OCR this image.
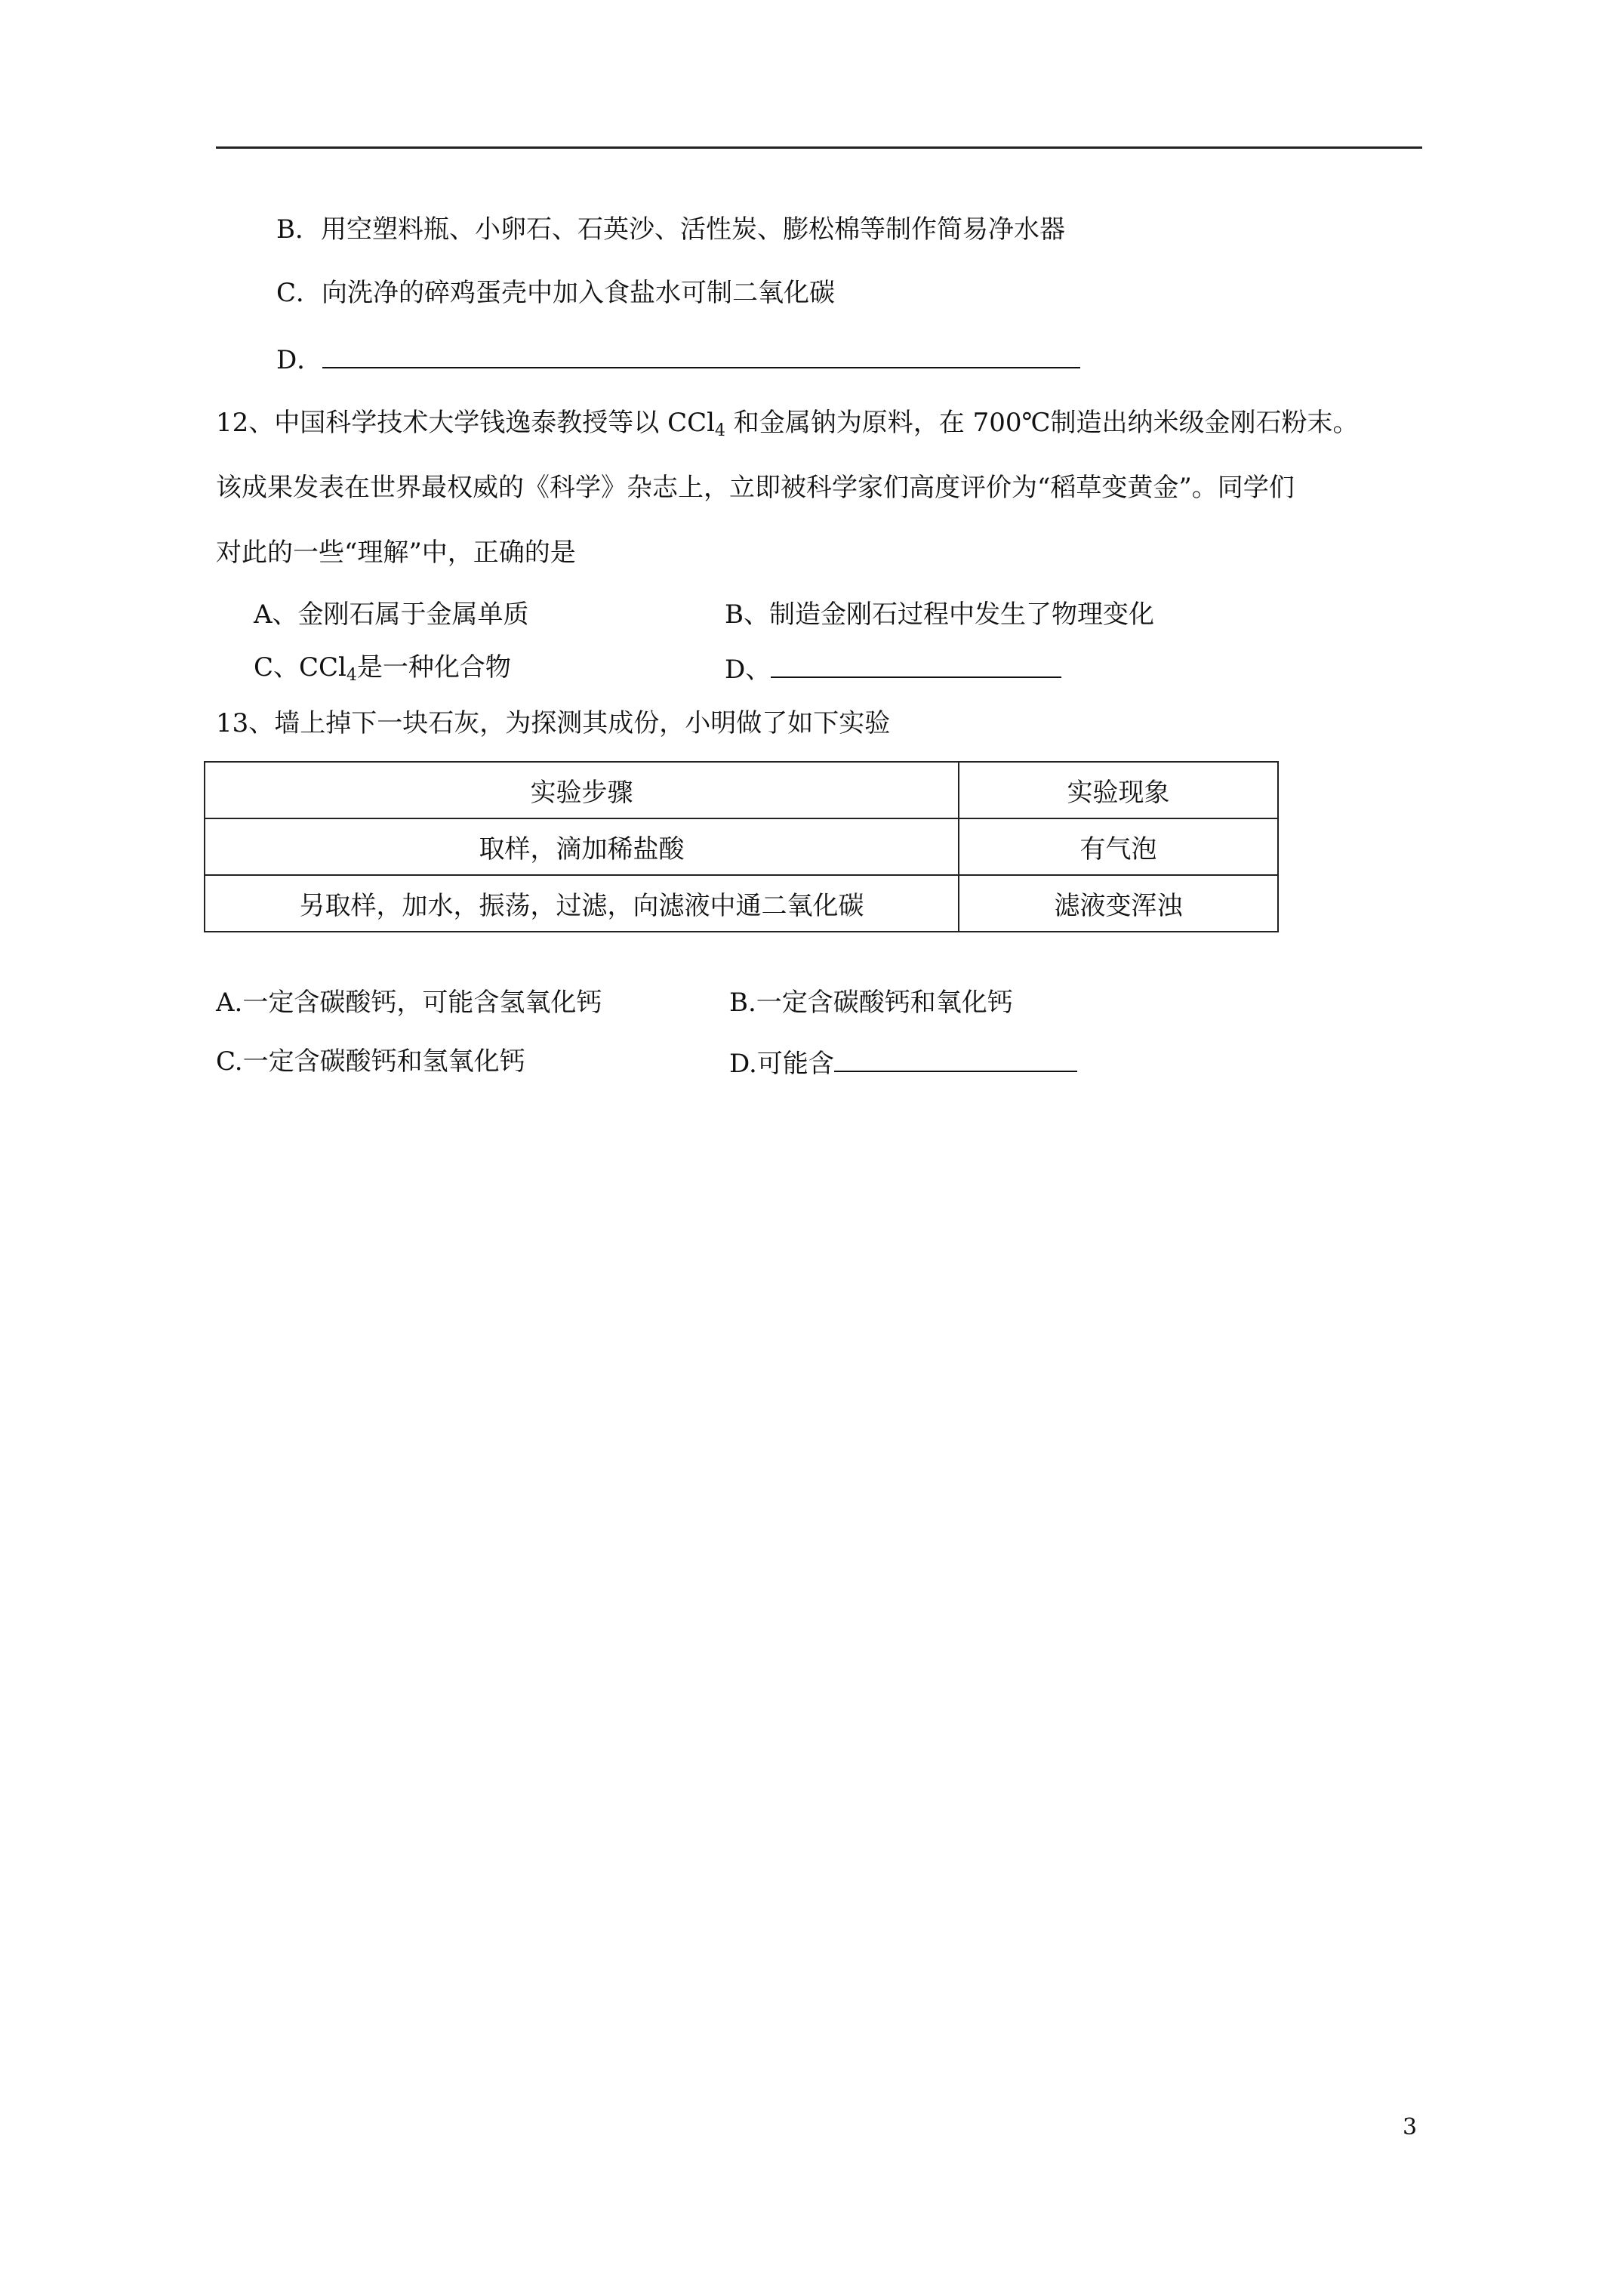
B．用空塑料瓶、小卵石、石英沙、活性炭、膨松棉等制作简易净水器
C．向洗净的碎鸡蛋壳中加入食盐水可制二氧化碳
D．
12、中国科学技术大学钱逸泰教授等以 CCl$_4$ 和金属钠为原料，在 700℃制造出纳米级金刚石粉末。
该成果发表在世界最权威的《科学》杂志上，立即被科学家们高度评价为“稻草变黄金”。同学们
对此的一些“理解”中，正确的是
A、金刚石属于金属单质	B、制造金刚石过程中发生了物理变化
C、CCl$_4$是一种化合物	D、
13、墙上掉下一块石灰，为探测其成份，小明做了如下实验
实验步骤	实验现象
取样，滴加稀盐酸	有气泡
另取样，加水，振荡，过滤，向滤液中通二氧化碳	滤液变浑浊
A.一定含碳酸钙，可能含氢氧化钙	B.一定含碳酸钙和氧化钙
C.一定含碳酸钙和氢氧化钙	D.可能含
3
